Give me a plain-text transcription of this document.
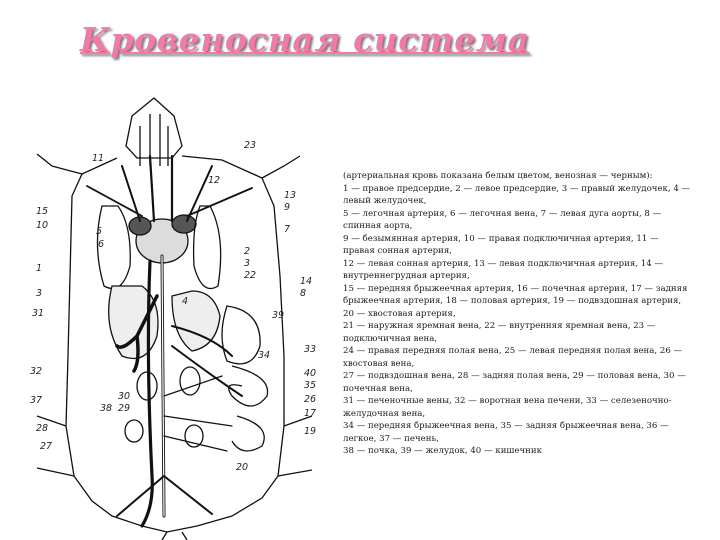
Кровеносная система
11
23
12
13
9
15
10	7
5
6
2
3
1
22
14
8
3
4
39
31
33
34
32	40
35
37	30
38 29
26
17
28
27
19
20

(артериальная кровь показана белым цветом, венозная — черным):

1 — правое предсердие, 2 — левое предсердие, 3 — правый желудочек, 4 — левый желудочек,

5 — легочная артерия, 6 — легочная вена, 7 — левая дуга аорты, 8 — спинная аорта,

9 — безымянная артерия, 10 — правая подключичная артерия, 11 — правая сонная артерия,

12 — левая сонная артерия, 13 — левая подключичная артерия, 14 — внутреннегрудная артерия,

15 — передняя брыжеечная артерия, 16 — почечная артерия, 17 — задняя брыжеечная артерия, 18 — половая артерия, 19 — подвздошная артерия, 20 — хвостовая артерия,

21 — наружная яремная вена, 22 — внутренняя яремная вена, 23 — подключичная вена,

24 — правая передняя полая вена, 25 — левая передняя полая вена, 26 — хвостовая вена,

27 — подвздошная вена, 28 — задняя полая вена, 29 — половая вена, 30 — почечная вена,

31 — печеночные вены, 32 — воротная вена печени, 33 — селезеночно-желудочная вена,

34 — передняя брыжеечная вена, 35 — задняя брыжеечная вена, 36 — легкое, 37 — печень,

38 — почка, 39 — желудок, 40 — кишечник
